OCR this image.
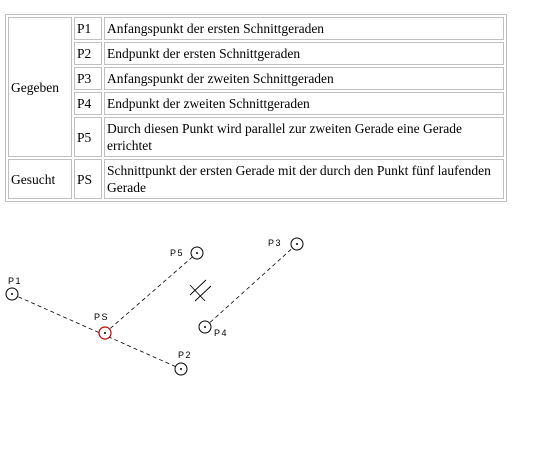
Gegeben	P1	Anfangspunkt der ersten Schnittgeraden
	P2	Endpunkt der ersten Schnittgeraden
	P3	Anfangspunkt der zweiten Schnittgeraden
	P4	Endpunkt der zweiten Schnittgeraden
	P5	Durch diesen Punkt wird parallel zur zweiten Gerade eine Gerade errichtet
Gesucht	PS	Schnittpunkt der ersten Gerade mit der durch den Punkt fünf laufenden Gerade
P1
P2
P3
P4
P5
PS
